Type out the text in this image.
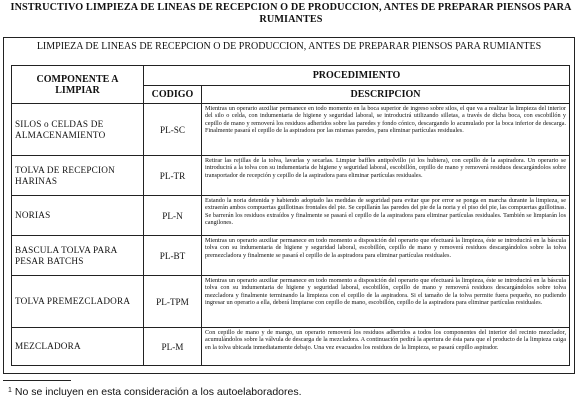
INSTRUCTIVO LIMPIEZA DE LINEAS DE RECEPCION O DE PRODUCCION, ANTES DE PREPARAR PIENSOS PARA RUMIANTES
LIMPIEZA DE LINEAS DE RECEPCION O DE PRODUCCION, ANTES DE PREPARAR PIENSOS PARA RUMIANTES
COMPONENTE A LIMPIAR	PROCEDIMIENTO	
	CODIGO	DESCRIPCION
SILOS o CELDAS DE ALMACENAMIENTO	PL-SC	Mientras un operario auxiliar permanece en todo momento en la boca superior de ingreso sobre silos, el que va a realizar la limpieza del interior del silo o celda, con indumentaria de higiene y seguridad laboral, se introducirá utilizando silletas, a través de dicha boca, con escobillón y cepillo de mano y removerá los residuos adheridos sobre las paredes y fondo cónico, descargando lo acumulado por la boca inferior de descarga. Finalmente pasará el cepillo de la aspiradora por las mismas paredes, para eliminar partículas residuales.
TOLVA DE RECEPCION HARINAS	PL-TR	Retirar las rejillas de la tolva, lavarlas y secarlas. Limpiar baffles antipolvillo (si los hubiera), con cepillo de la aspiradora. Un operario se introducirá a la tolva con su indumentaria de higiene y seguridad laboral, escobillón, cepillo de mano y removerá residuos descargándolos sobre transportador de recepción y cepillo de la aspiradora para eliminar partículas residuales.
NORIAS	PL-N	Estando la noria detenida y habiendo adoptado las medidas de seguridad para evitar que por error se ponga en marcha durante la limpieza, se extraerán ambos compuertas guillotinas frontales del pie. Se cepillarán las paredes del pie de la noria y el piso del pie, las compuertas guillotinas. Se barrerán los residuos extraídos y finalmente se pasará el cepillo de la aspiradora para eliminar partículas residuales. También se limpiarán los cangilones.
BASCULA TOLVA PARA PESAR BATCHS	PL-BT	Mientras un operario auxiliar permanece en todo momento a disposición del operario que efectuará la limpieza, éste se introducirá en la báscula tolva con su indumentaria de higiene y seguridad laboral, escobillón, cepillo de mano y removerá residuos descargándolos sobre la tolva premezcladora y finalmente se pasará el cepillo de la aspiradora para eliminar partículas residuales.
TOLVA PREMEZCLADORA	PL-TPM	Mientras un operario auxiliar permanece en todo momento a disposición del operario que efectuará la limpieza, éste se introducirá en la báscula tolva con su indumentaria de higiene y seguridad laboral, escobillón, cepillo de mano y removerá residuos descargándolos sobre tolva mezcladora y finalmente terminando la limpieza con el cepillo de la aspiradora. Si el tamaño de la tolva permite fuera pequeño, no pudiendo ingresar un operario a ella, deberá limpiarse con cepillo de mano, escobillón, cepillo de la aspiradora para eliminar partículas residuales.
MEZCLADORA	PL-M	Con cepillo de mano y de mango, un operario removerá los residuos adheridos a todos los componentes del interior del recinto mezclador, acumulándolos sobre la válvula de descarga de la mezcladora. A continuación pedirá la apertura de ésta para que el producto de la limpieza caiga en la tolva ubicada inmediatamente debajo. Una vez evacuados los residuos de la limpieza, se pasará cepillo aspirador.
$^1$ No se incluyen en esta consideración a los autoelaboradores.
